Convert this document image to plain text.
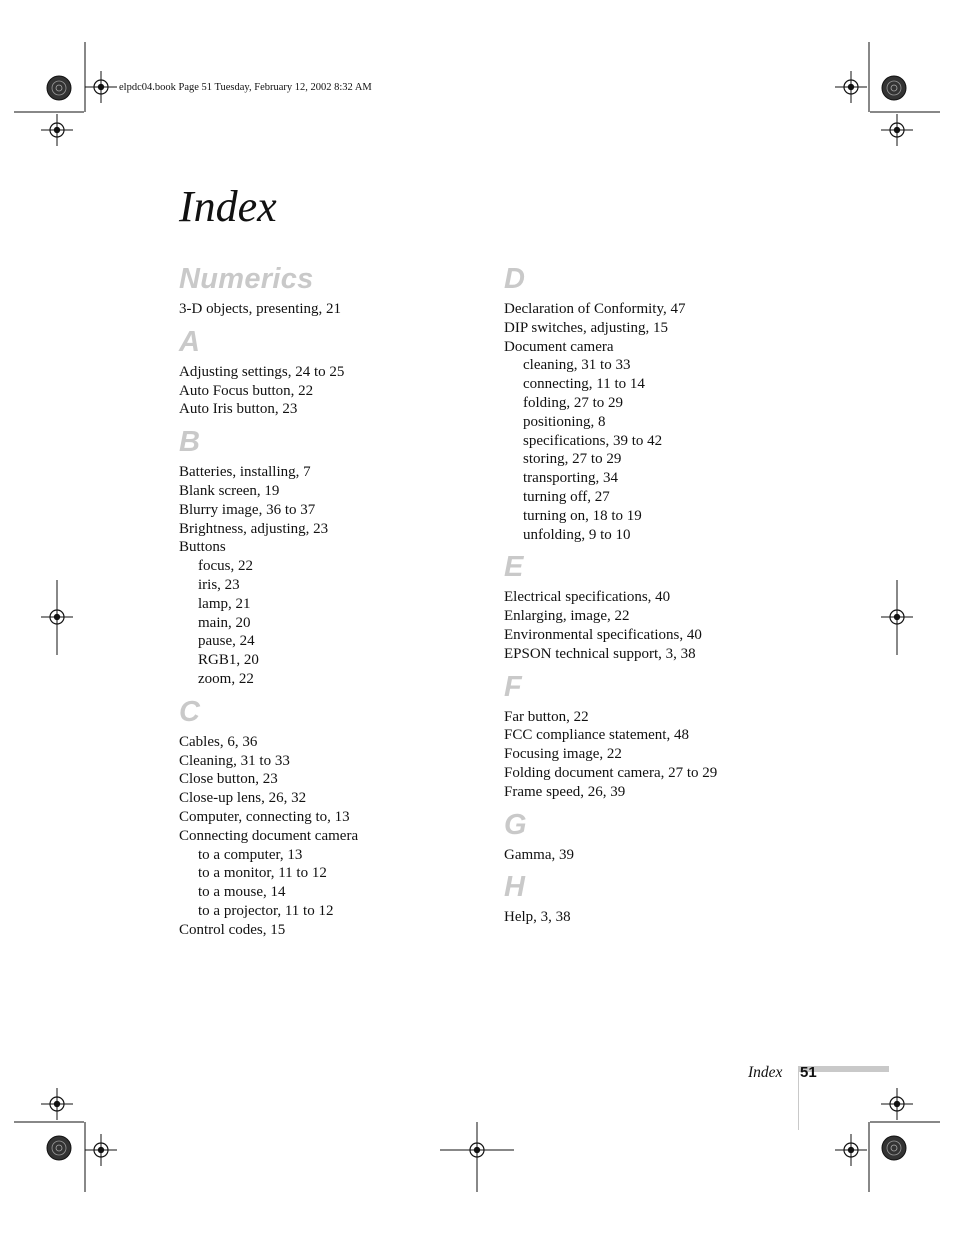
elpdc04.book Page 51 Tuesday, February 12, 2002 8:32 AM
Index
Numerics
3-D objects, presenting, 21
A
Adjusting settings, 24 to 25
Auto Focus button, 22
Auto Iris button, 23
B
Batteries, installing, 7
Blank screen, 19
Blurry image, 36 to 37
Brightness, adjusting, 23
Buttons
focus, 22
iris, 23
lamp, 21
main, 20
pause, 24
RGB1, 20
zoom, 22
C
Cables, 6, 36
Cleaning, 31 to 33
Close button, 23
Close-up lens, 26, 32
Computer, connecting to, 13
Connecting document camera
to a computer, 13
to a monitor, 11 to 12
to a mouse, 14
to a projector, 11 to 12
Control codes, 15
D
Declaration of Conformity, 47
DIP switches, adjusting, 15
Document camera
cleaning, 31 to 33
connecting, 11 to 14
folding, 27 to 29
positioning, 8
specifications, 39 to 42
storing, 27 to 29
transporting, 34
turning off, 27
turning on, 18 to 19
unfolding, 9 to 10
E
Electrical specifications, 40
Enlarging, image, 22
Environmental specifications, 40
EPSON technical support, 3, 38
F
Far button, 22
FCC compliance statement, 48
Focusing image, 22
Folding document camera, 27 to 29
Frame speed, 26, 39
G
Gamma, 39
H
Help, 3, 38
Index 51
